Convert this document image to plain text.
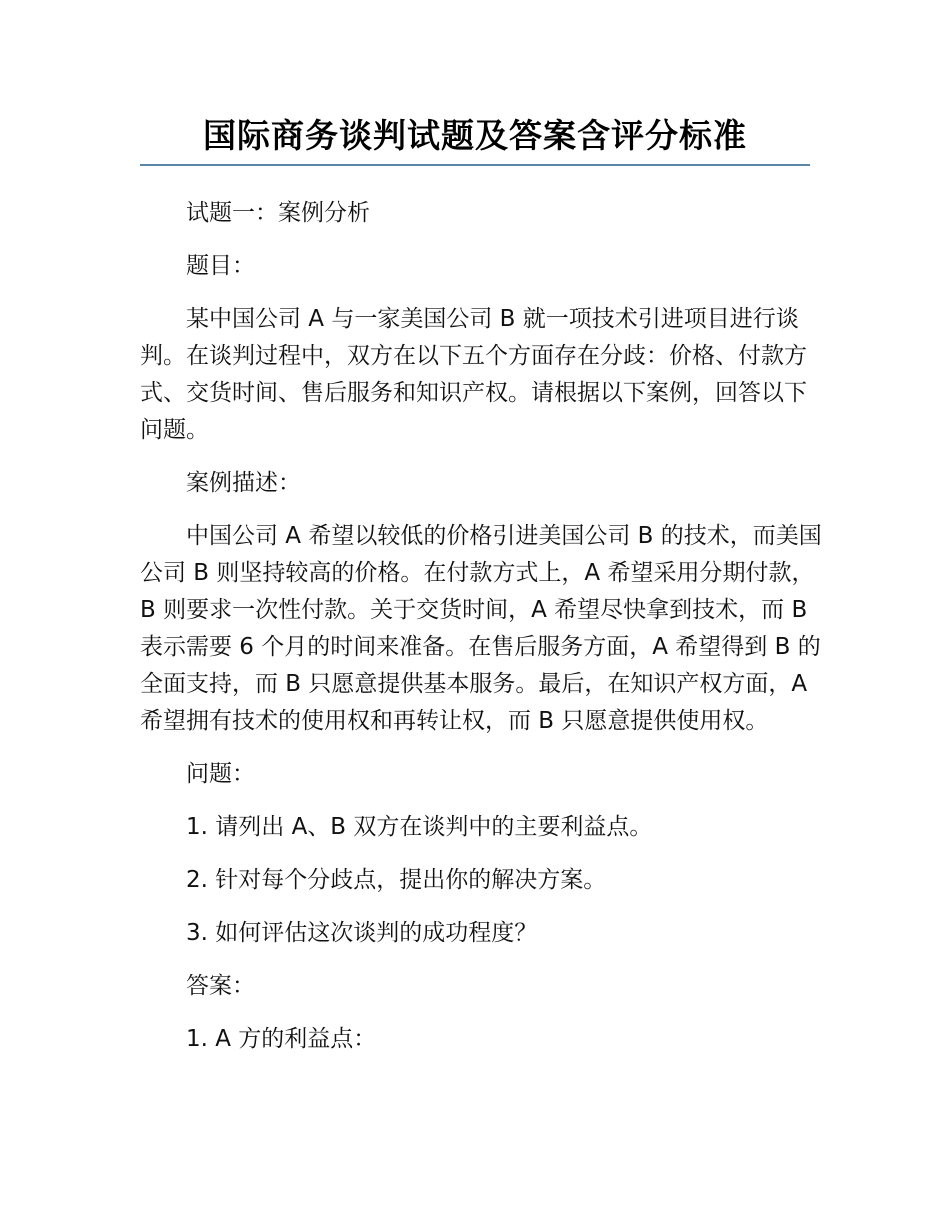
国际商务谈判试题及答案含评分标准

试题一：案例分析

题目：

某中国公司 A 与一家美国公司 B 就一项技术引进项目进行谈判。在谈判过程中，双方在以下五个方面存在分歧：价格、付款方式、交货时间、售后服务和知识产权。请根据以下案例，回答以下问题。

案例描述：

中国公司 A 希望以较低的价格引进美国公司 B 的技术，而美国公司 B 则坚持较高的价格。在付款方式上，A 希望采用分期付款，B 则要求一次性付款。关于交货时间，A 希望尽快拿到技术，而 B 表示需要 6 个月的时间来准备。在售后服务方面，A 希望得到 B 的全面支持，而 B 只愿意提供基本服务。最后，在知识产权方面，A 希望拥有技术的使用权和再转让权，而 B 只愿意提供使用权。

问题：

1. 请列出 A、B 双方在谈判中的主要利益点。

2. 针对每个分歧点，提出你的解决方案。

3. 如何评估这次谈判的成功程度？

答案：

1. A 方的利益点：
